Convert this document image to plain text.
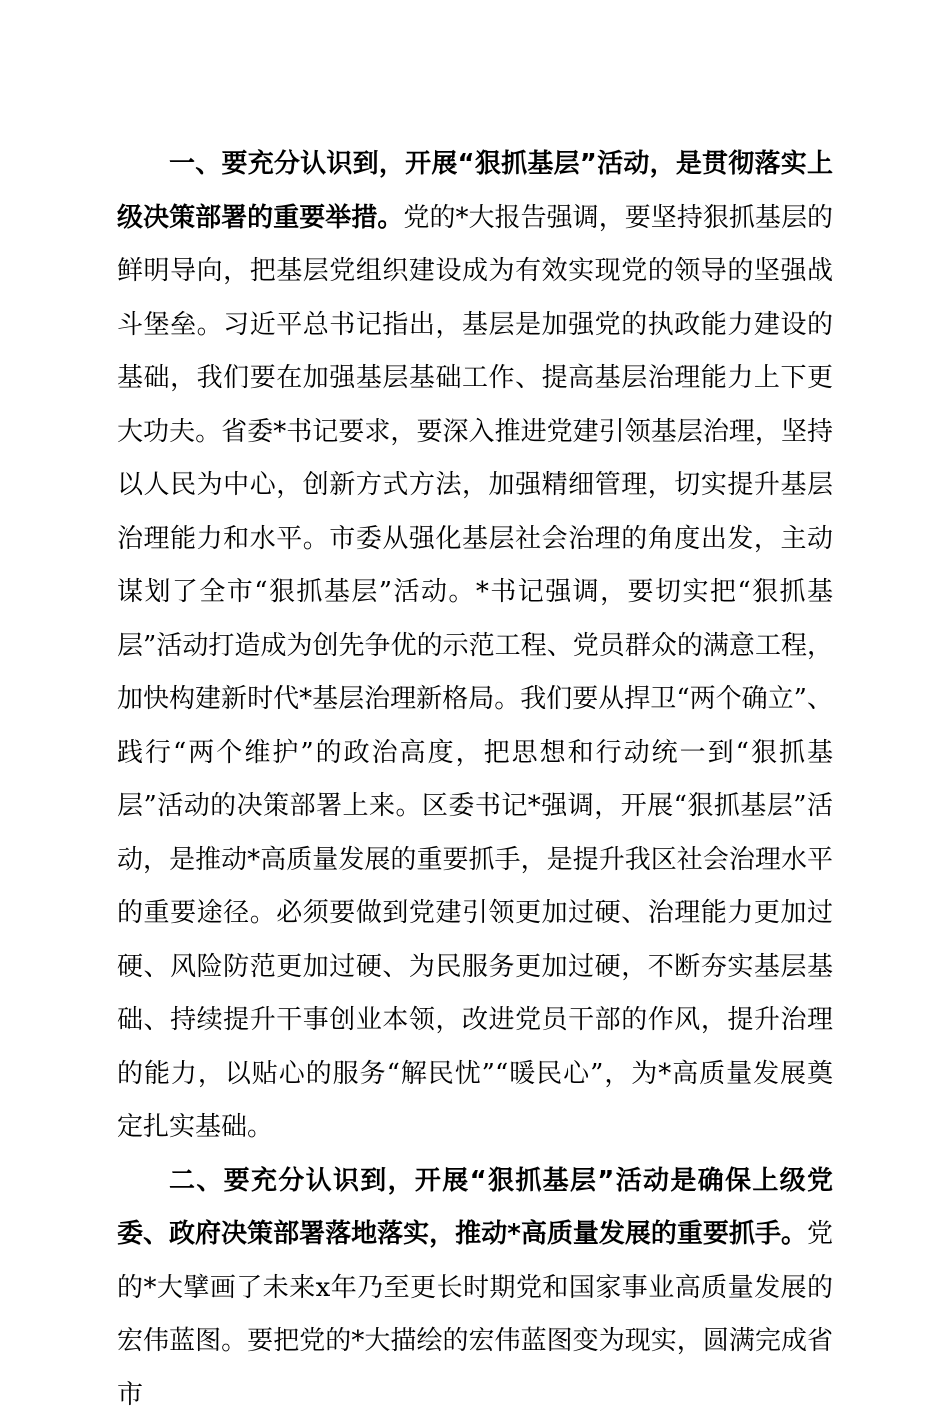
一、要充分认识到，开展“狠抓基层”活动，是贯彻落实上级决策部署的重要举措。党的*大报告强调，要坚持狠抓基层的鲜明导向，把基层党组织建设成为有效实现党的领导的坚强战斗堡垒。习近平总书记指出，基层是加强党的执政能力建设的基础，我们要在加强基层基础工作、提高基层治理能力上下更大功夫。省委*书记要求，要深入推进党建引领基层治理，坚持以人民为中心，创新方式方法，加强精细管理，切实提升基层治理能力和水平。市委从强化基层社会治理的角度出发，主动谋划了全市“狠抓基层”活动。*书记强调，要切实把“狠抓基层”活动打造成为创先争优的示范工程、党员群众的满意工程，加快构建新时代*基层治理新格局。我们要从捍卫“两个确立”、践行“两个维护”的政治高度，把思想和行动统一到“狠抓基层”活动的决策部署上来。区委书记*强调，开展“狠抓基层”活动，是推动*高质量发展的重要抓手，是提升我区社会治理水平的重要途径。必须要做到党建引领更加过硬、治理能力更加过硬、风险防范更加过硬、为民服务更加过硬，不断夯实基层基础、持续提升干事创业本领，改进党员干部的作风，提升治理的能力，以贴心的服务“解民忧”“暖民心”，为*高质量发展奠定扎实基础。

二、要充分认识到，开展“狠抓基层”活动是确保上级党委、政府决策部署落地落实，推动*高质量发展的重要抓手。党的*大擘画了未来x年乃至更长时期党和国家事业高质量发展的宏伟蓝图。要把党的*大描绘的宏伟蓝图变为现实，圆满完成省市
